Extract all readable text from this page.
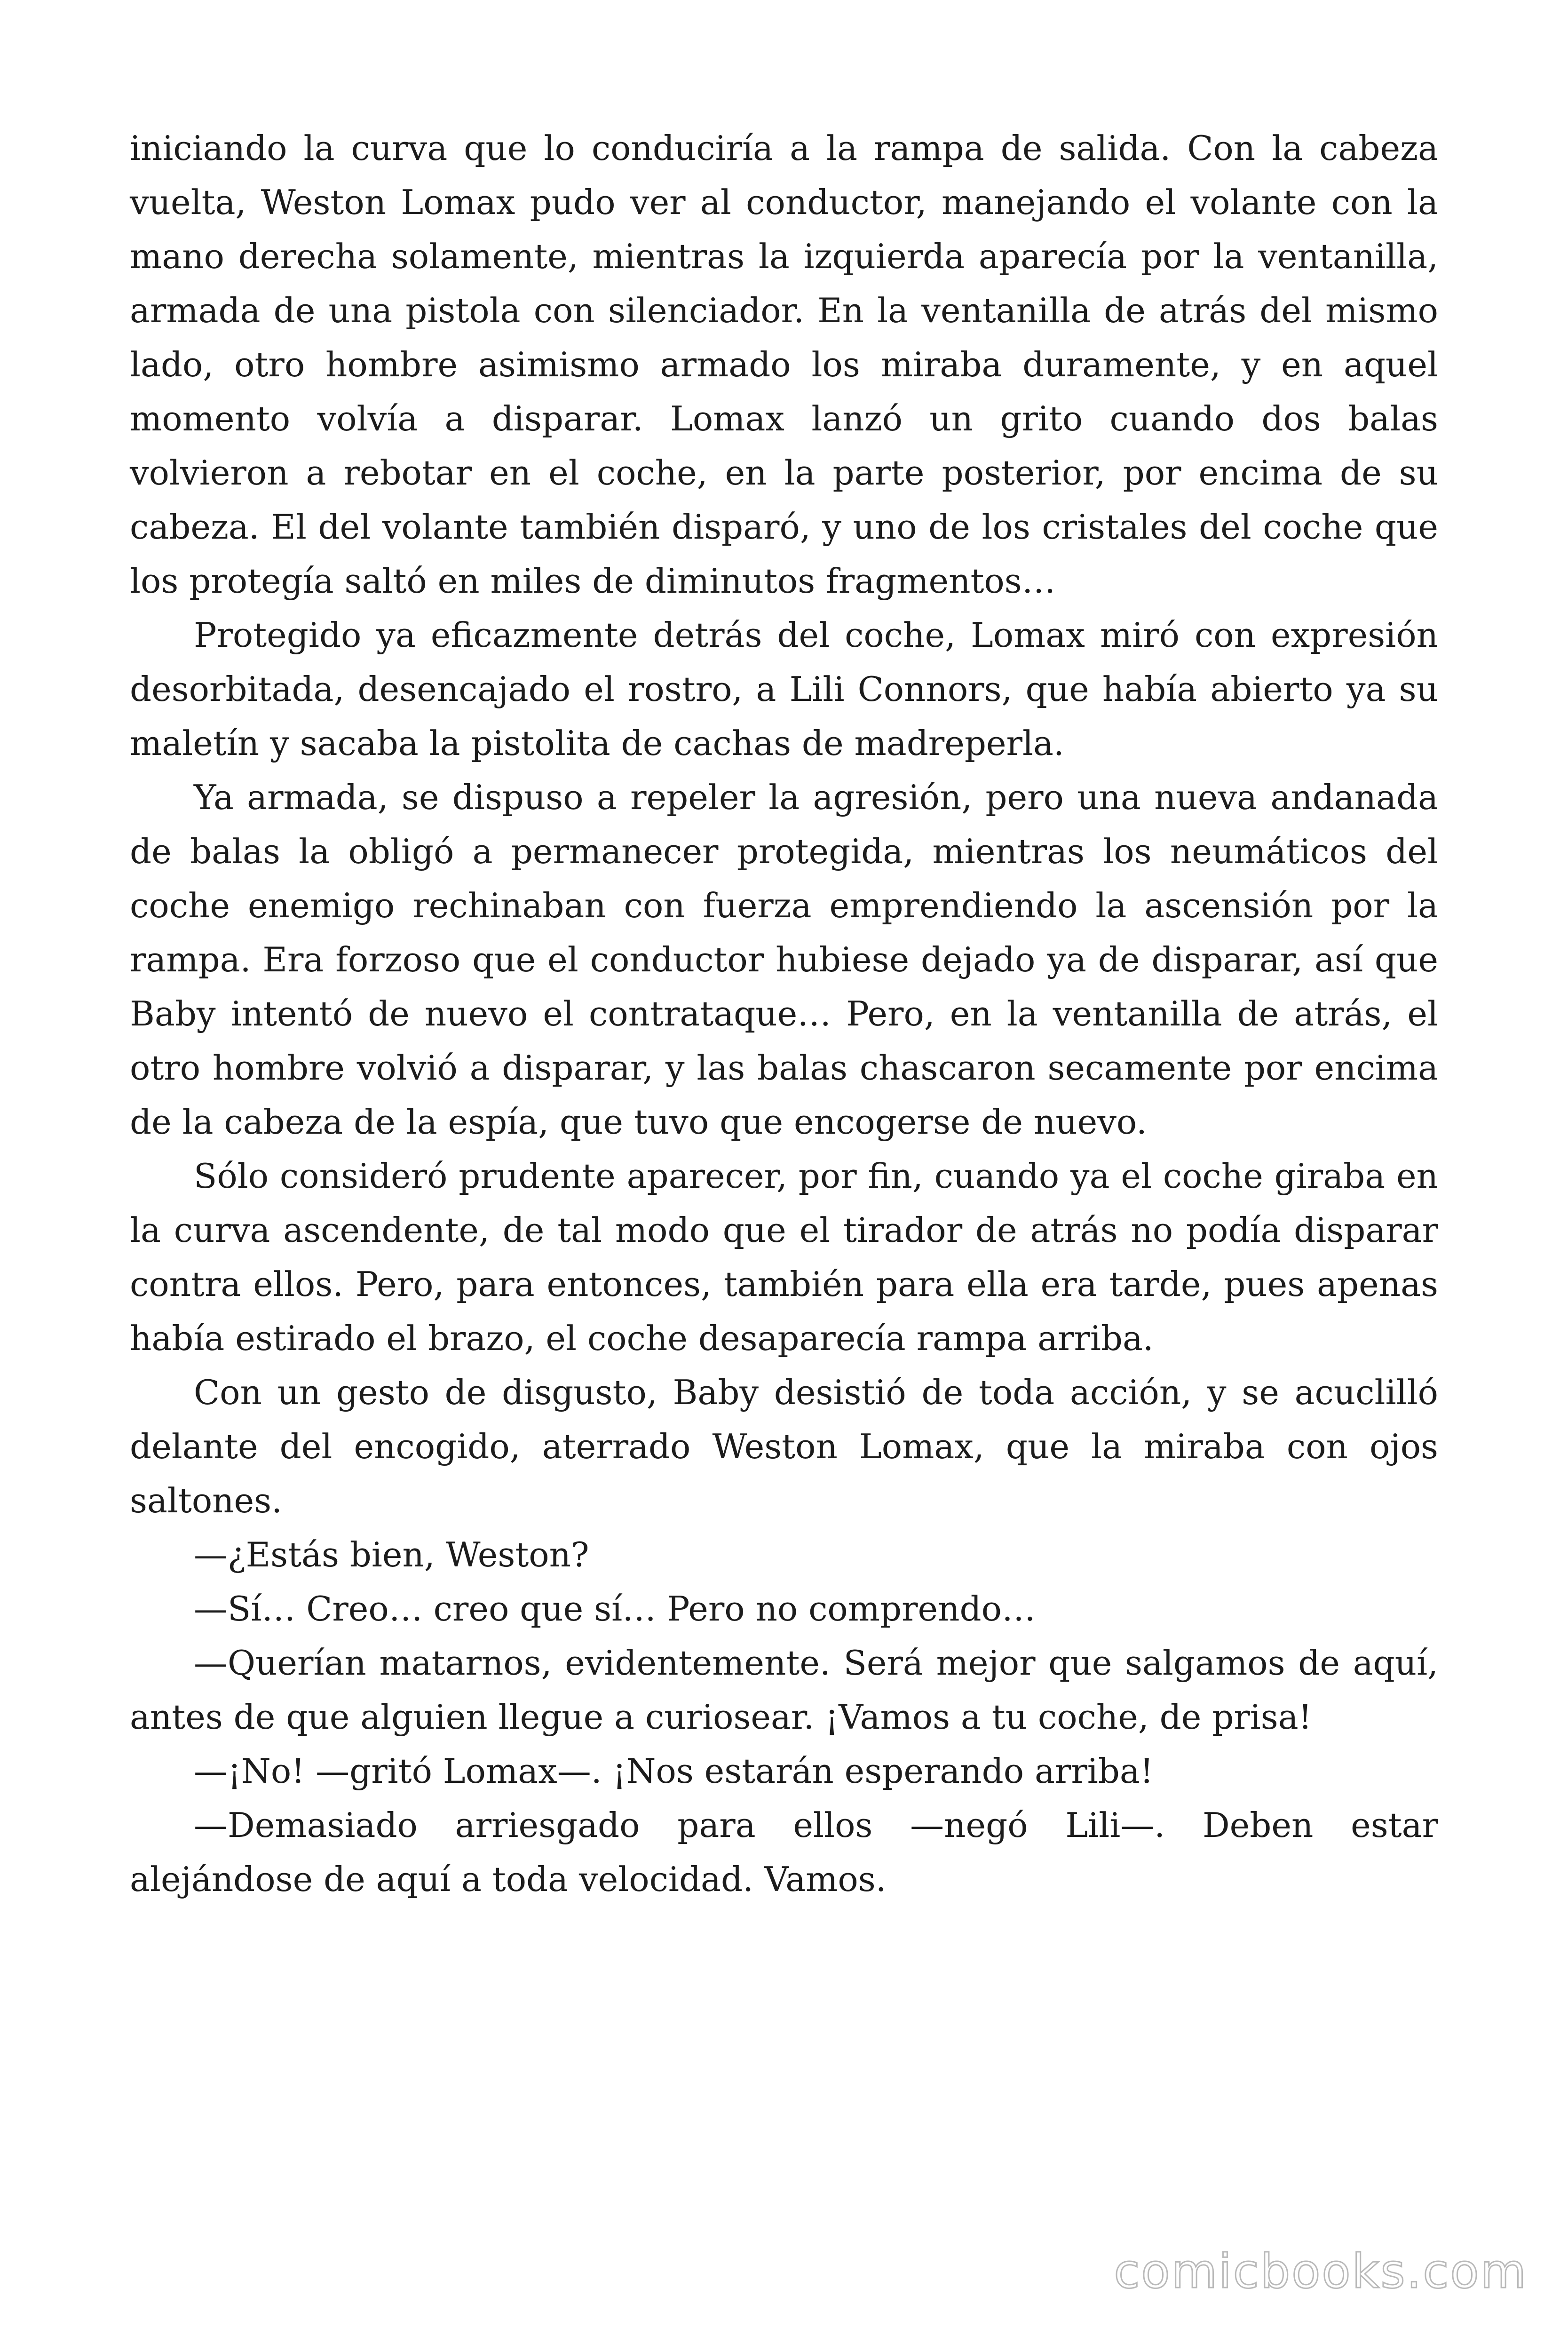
iniciando la curva que lo conduciría a la rampa de salida. Con la cabeza vuelta, Weston Lomax pudo ver al conductor, manejando el volante con la mano derecha solamente, mientras la izquierda aparecía por la ventanilla, armada de una pistola con silenciador. En la ventanilla de atrás del mismo lado, otro hombre asimismo armado los miraba duramente, y en aquel momento volvía a disparar. Lomax lanzó un grito cuando dos balas volvieron a rebotar en el coche, en la parte posterior, por encima de su cabeza. El del volante también disparó, y uno de los cristales del coche que los protegía saltó en miles de diminutos fragmentos…

Protegido ya eficazmente detrás del coche, Lomax miró con expresión desorbitada, desencajado el rostro, a Lili Connors, que había abierto ya su maletín y sacaba la pistolita de cachas de madreperla.

Ya armada, se dispuso a repeler la agresión, pero una nueva andanada de balas la obligó a permanecer protegida, mientras los neumáticos del coche enemigo rechinaban con fuerza emprendiendo la ascensión por la rampa. Era forzoso que el conductor hubiese dejado ya de disparar, así que Baby intentó de nuevo el contrataque… Pero, en la ventanilla de atrás, el otro hombre volvió a disparar, y las balas chascaron secamente por encima de la cabeza de la espía, que tuvo que encogerse de nuevo.

Sólo consideró prudente aparecer, por fin, cuando ya el coche giraba en la curva ascendente, de tal modo que el tirador de atrás no podía disparar contra ellos. Pero, para entonces, también para ella era tarde, pues apenas había estirado el brazo, el coche desaparecía rampa arriba.

Con un gesto de disgusto, Baby desistió de toda acción, y se acuclilló delante del encogido, aterrado Weston Lomax, que la miraba con ojos saltones.

—¿Estás bien, Weston?

—Sí… Creo… creo que sí… Pero no comprendo…

—Querían matarnos, evidentemente. Será mejor que salgamos de aquí, antes de que alguien llegue a curiosear. ¡Vamos a tu coche, de prisa!

—¡No! —gritó Lomax—. ¡Nos estarán esperando arriba!

—Demasiado arriesgado para ellos —negó Lili—. Deben estar alejándose de aquí a toda velocidad. Vamos.

comicbooks.com
